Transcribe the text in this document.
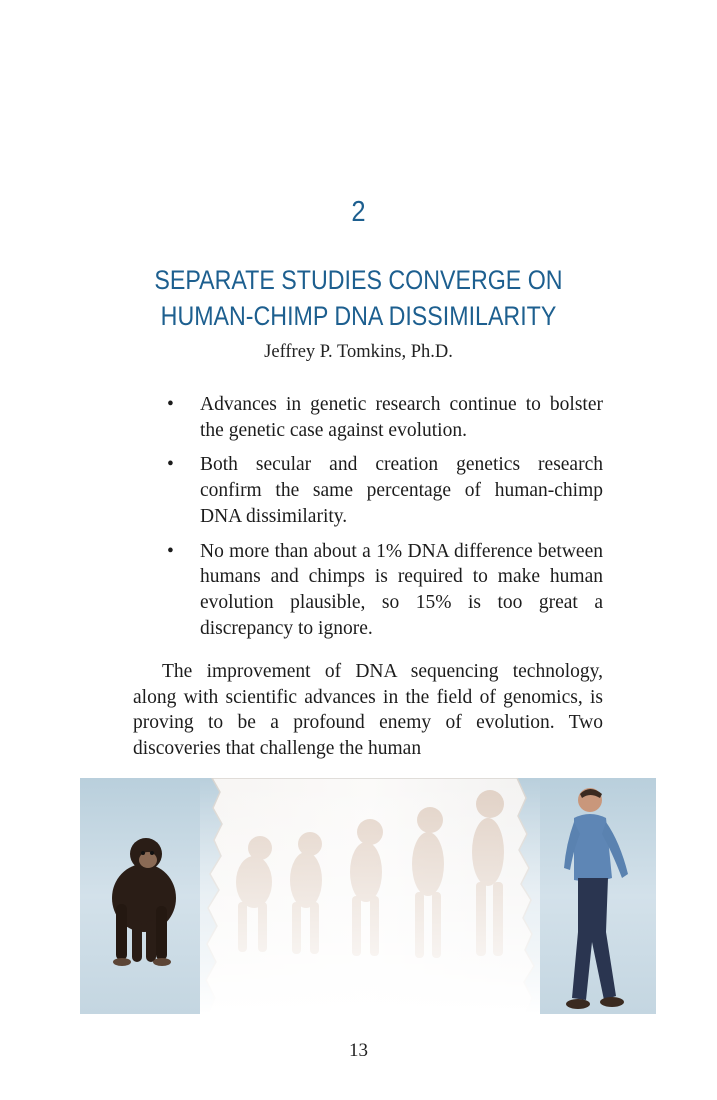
2
SEPARATE STUDIES CONVERGE ON
HUMAN-CHIMP DNA DISSIMILARITY
Jeffrey P. Tomkins, Ph.D.
• Advances in genetic research continue to bolster the genetic case against evolution.
• Both secular and creation genetics research confirm the same percentage of human-chimp DNA dissimilarity.
• No more than about a 1% DNA difference between humans and chimps is required to make human evolution plausible, so 15% is too great a discrepancy to ignore.

The improvement of DNA sequencing technology, along with scientific advances in the field of genomics, is proving to be a profound enemy of evolution. Two discoveries that challenge the human

13
